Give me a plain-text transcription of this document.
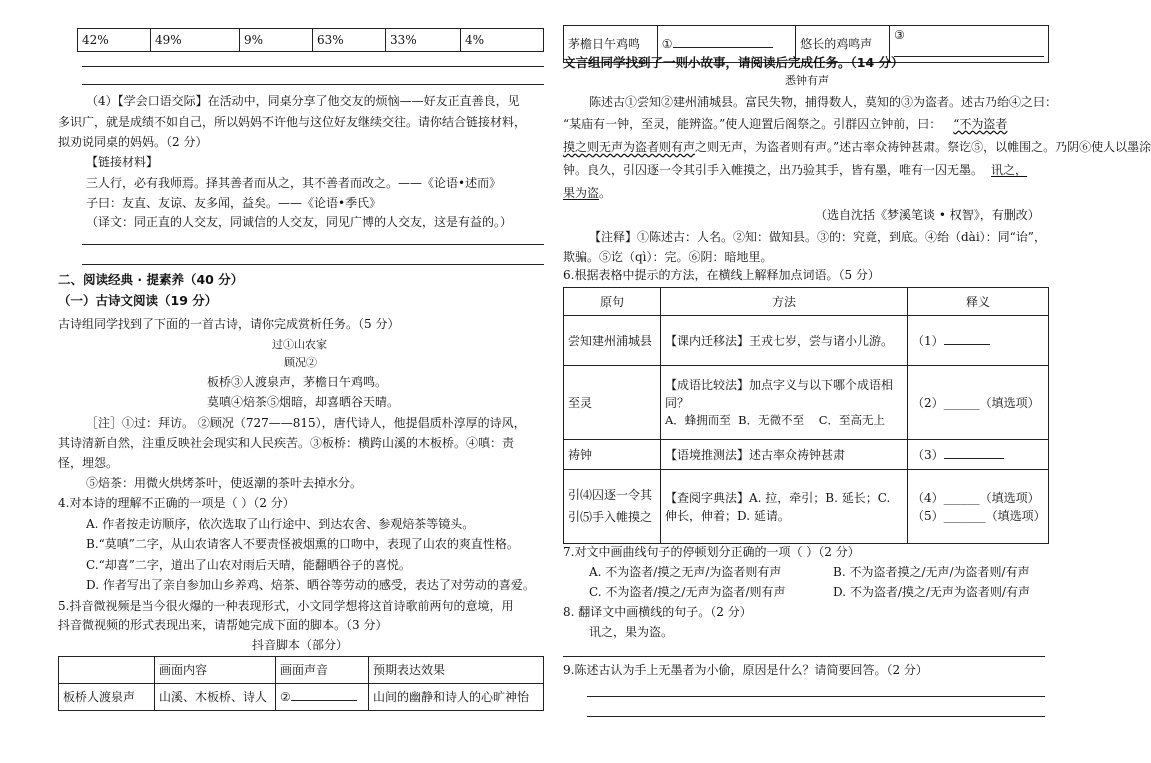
42%	49%	9%	63%	33%	4%
（4）【学会口语交际】在活动中，同桌分享了他交友的烦恼——好友正直善良，见
多识广，就是成绩不如自己，所以妈妈不许他与这位好友继续交往。请你结合链接材料，
拟劝说同桌的妈妈。（2 分）
【链接材料】
三人行，必有我师焉。择其善者而从之，其不善者而改之。——《论语•述而》
子曰：友直、友谅、友多闻，益矣。——《论语•季氏》
（译文：同正直的人交友，同诚信的人交友，同见广博的人交友，这是有益的。）
二、阅读经典 · 提素养（40 分）
（一）古诗文阅读（19 分）
古诗组同学找到了下面的一首古诗，请你完成赏析任务。（5 分）
过①山农家
顾况②
板桥③人渡泉声，茅檐日午鸡鸣。
莫嗔④焙茶⑤烟暗，却喜晒谷天晴。
［注］①过：拜访。 ②顾况（727——815），唐代诗人，他提倡质朴淳厚的诗风，
其诗清新自然，注重反映社会现实和人民疾苦。③板桥：横跨山溪的木板桥。④嗔：责
怪，埋怨。
⑤焙茶：用微火烘烤茶叶，使返潮的茶叶去掉水分。
4.对本诗的理解不正确的一项是（ ）（2 分）
A. 作者按走访顺序，依次选取了山行途中、到达农舍、参观焙茶等镜头。
B.“莫嗔”二字，从山农请客人不要责怪被烟熏的口吻中，表现了山农的爽直性格。
C.“却喜”二字，道出了山农对雨后天晴，能翻晒谷子的喜悦。
D. 作者写出了亲自参加山乡养鸡、焙茶、晒谷等劳动的感受，表达了对劳动的喜爱。
5.抖音微视频是当今很火爆的一种表现形式，小文同学想将这首诗歌前两句的意境，用
抖音微视频的形式表现出来，请帮她完成下面的脚本。（3 分）
抖音脚本（部分）
	画面内容	画面声音	预期表达效果
板桥人渡泉声	山溪、木板桥、诗人	②	山间的幽静和诗人的心旷神怡
茅檐日午鸡鸣	①	悠长的鸡鸣声	③
文言组同学找到了一则小故事，请阅读后完成任务。（14 分）
悉钟有声
陈述古①尝知②建州浦城县。富民失物，捕得数人，莫知的③为盗者。述古乃绐④之曰：
“某庙有一钟，至灵，能辨盗。”使人迎置后阁祭之。引群囚立钟前，曰： “不为盗者
摸之则无声为盗者则有声之则无声，为盗者则有声。”述古率众祷钟甚肃。祭讫⑤，以帷围之。乃阴⑥使人以墨涂
钟。良久，引囚逐一令其引手入帷摸之，出乃验其手，皆有墨，唯有一囚无墨。 讯之，
果为盗。
（选自沈括《梦溪笔谈 • 权智》，有删改）
【注释】①陈述古：人名。②知：做知县。③的：究竟，到底。④绐（dài）：同“诒”，
欺骗。⑤讫（qì）：完。⑥阴：暗地里。
6.根据表格中提示的方法，在横线上解释加点词语。（5 分）
原句	方法	释义
尝知建州浦城县	【课内迁移法】王戎七岁，尝与诸小儿游。	（1）
至灵	【成语比较法】加点字义与以下哪个成语相同？
A．蜂拥而至  B．无微不至    C．至高无上	（2）______（填选项）
祷钟	【语境推测法】述古率众祷钟甚肃	（3）
引⑷囚逐一令其引⑸手入帷摸之	【查阅字典法】A. 拉，牵引；B. 延长；C. 伸长，伸着；D. 延请。	（4）______（填选项）
（5）_______（填选项）
7.对文中画曲线句子的停顿划分正确的一项（ ）（2 分）
A. 不为盗者/摸之无声/为盗者则有声	B. 不为盗者摸之/无声/为盗者则/有声
C. 不为盗者/摸之/无声为盗者/则有声	D. 不为盗者/摸之/无声为盗者则/有声
8. 翻译文中画横线的句子。（2 分）
讯之，果为盗。
9.陈述古认为手上无墨者为小偷，原因是什么？请简要回答。（2 分）
